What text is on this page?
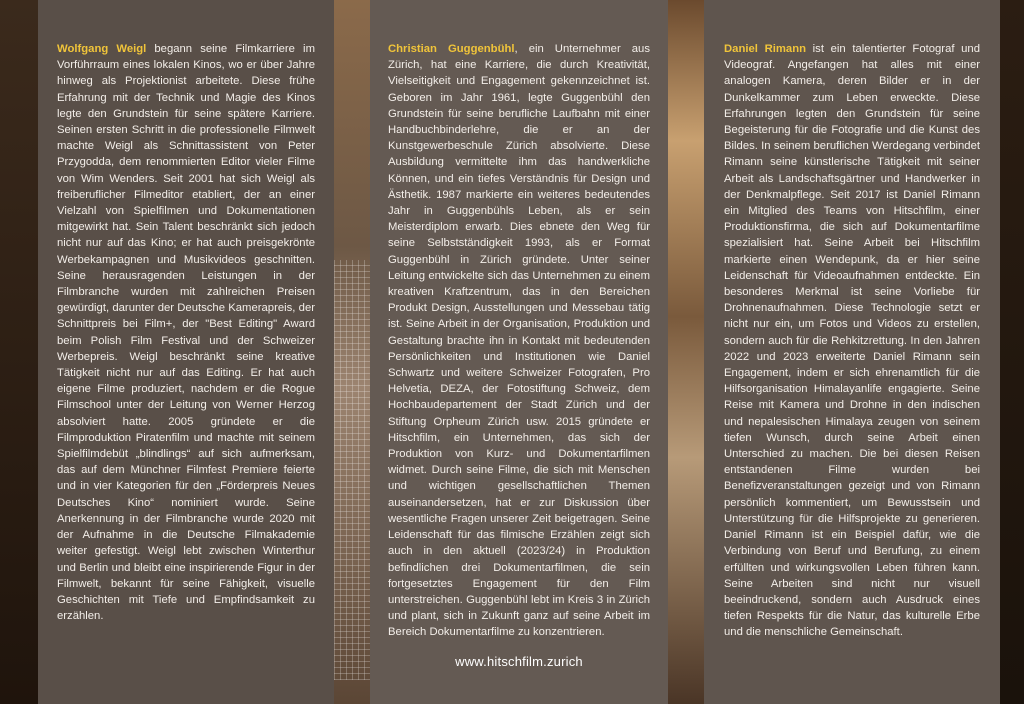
Wolfgang Weigl begann seine Filmkarriere im Vorführraum eines lokalen Kinos, wo er über Jahre hinweg als Projektionist arbeitete. Diese frühe Erfahrung mit der Technik und Magie des Kinos legte den Grundstein für seine spätere Karriere. Seinen ersten Schritt in die professionelle Filmwelt machte Weigl als Schnittassistent von Peter Przygodda, dem renommierten Editor vieler Filme von Wim Wenders. Seit 2001 hat sich Weigl als freiberuflicher Filmeditor etabliert, der an einer Vielzahl von Spielfilmen und Dokumentationen mitgewirkt hat. Sein Talent beschränkt sich jedoch nicht nur auf das Kino; er hat auch preisgekrönte Werbekampagnen und Musikvideos geschnitten. Seine herausragenden Leistungen in der Filmbranche wurden mit zahlreichen Preisen gewürdigt, darunter der Deutsche Kamerapreis, der Schnittpreis bei Film+, der "Best Editing" Award beim Polish Film Festival und der Schweizer Werbepreis. Weigl beschränkt seine kreative Tätigkeit nicht nur auf das Editing. Er hat auch eigene Filme produziert, nachdem er die Rogue Filmschool unter der Leitung von Werner Herzog absolviert hatte. 2005 gründete er die Filmproduktion Piratenfilm und machte mit seinem Spielfilmdebüt „blindlings“ auf sich aufmerksam, das auf dem Münchner Filmfest Premiere feierte und in vier Kategorien für den „Förderpreis Neues Deutsches Kino“ nominiert wurde. Seine Anerkennung in der Filmbranche wurde 2020 mit der Aufnahme in die Deutsche Filmakademie weiter gefestigt. Weigl lebt zwischen Winterthur und Berlin und bleibt eine inspirierende Figur in der Filmwelt, bekannt für seine Fähigkeit, visuelle Geschichten mit Tiefe und Empfindsamkeit zu erzählen.

Christian Guggenbühl, ein Unternehmer aus Zürich, hat eine Karriere, die durch Kreativität, Vielseitigkeit und Engagement gekennzeichnet ist. Geboren im Jahr 1961, legte Guggenbühl den Grundstein für seine berufliche Laufbahn mit einer Handbuchbinderlehre, die er an der Kunstgewerbeschule Zürich absolvierte. Diese Ausbildung vermittelte ihm das handwerkliche Können, und ein tiefes Verständnis für Design und Ästhetik. 1987 markierte ein weiteres bedeutendes Jahr in Guggenbühls Leben, als er sein Meisterdiplom erwarb. Dies ebnete den Weg für seine Selbstständigkeit 1993, als er Format Guggenbühl in Zürich gründete. Unter seiner Leitung entwickelte sich das Unternehmen zu einem kreativen Kraftzentrum, das in den Bereichen Produkt Design, Ausstellungen und Messebau tätig ist. Seine Arbeit in der Organisation, Produktion und Gestaltung brachte ihn in Kontakt mit bedeutenden Persönlichkeiten und Institutionen wie Daniel Schwartz und weitere Schweizer Fotografen, Pro Helvetia, DEZA, der Fotostiftung Schweiz, dem Hochbaudepartement der Stadt Zürich und der Stiftung Orpheum Zürich usw. 2015 gründete er Hitschfilm, ein Unternehmen, das sich der Produktion von Kurz- und Dokumentarfilmen widmet. Durch seine Filme, die sich mit Menschen und wichtigen gesellschaftlichen Themen auseinandersetzen, hat er zur Diskussion über wesentliche Fragen unserer Zeit beigetragen. Seine Leidenschaft für das filmische Erzählen zeigt sich auch in den aktuell (2023/24) in Produktion befindlichen drei Dokumentarfilmen, die sein fortgesetztes Engagement für den Film unterstreichen. Guggenbühl lebt im Kreis 3 in Zürich und plant, sich in Zukunft ganz auf seine Arbeit im Bereich Dokumentarfilme zu konzentrieren.

www.hitschfilm.zurich

Daniel Rimann ist ein talentierter Fotograf und Videograf. Angefangen hat alles mit einer analogen Kamera, deren Bilder er in der Dunkelkammer zum Leben erweckte. Diese Erfahrungen legten den Grundstein für seine Begeisterung für die Fotografie und die Kunst des Bildes. In seinem beruflichen Werdegang verbindet Rimann seine künstlerische Tätigkeit mit seiner Arbeit als Landschaftsgärtner und Handwerker in der Denkmalpflege. Seit 2017 ist Daniel Rimann ein Mitglied des Teams von Hitschfilm, einer Produktionsfirma, die sich auf Dokumentarfilme spezialisiert hat. Seine Arbeit bei Hitschfilm markierte einen Wendepunk, da er hier seine Leidenschaft für Videoaufnahmen entdeckte. Ein besonderes Merkmal ist seine Vorliebe für Drohnenaufnahmen. Diese Technologie setzt er nicht nur ein, um Fotos und Videos zu erstellen, sondern auch für die Rehkitzrettung. In den Jahren 2022 und 2023 erweiterte Daniel Rimann sein Engagement, indem er sich ehrenamtlich für die Hilfsorganisation Himalayanlife engagierte. Seine Reise mit Kamera und Drohne in den indischen und nepalesischen Himalaya zeugen von seinem tiefen Wunsch, durch seine Arbeit einen Unterschied zu machen. Die bei diesen Reisen entstandenen Filme wurden bei Benefizveranstaltungen gezeigt und von Rimann persönlich kommentiert, um Bewusstsein und Unterstützung für die Hilfsprojekte zu generieren. Daniel Rimann ist ein Beispiel dafür, wie die Verbindung von Beruf und Berufung, zu einem erfüllten und wirkungsvollen Leben führen kann. Seine Arbeiten sind nicht nur visuell beeindruckend, sondern auch Ausdruck eines tiefen Respekts für die Natur, das kulturelle Erbe und die menschliche Gemeinschaft.
